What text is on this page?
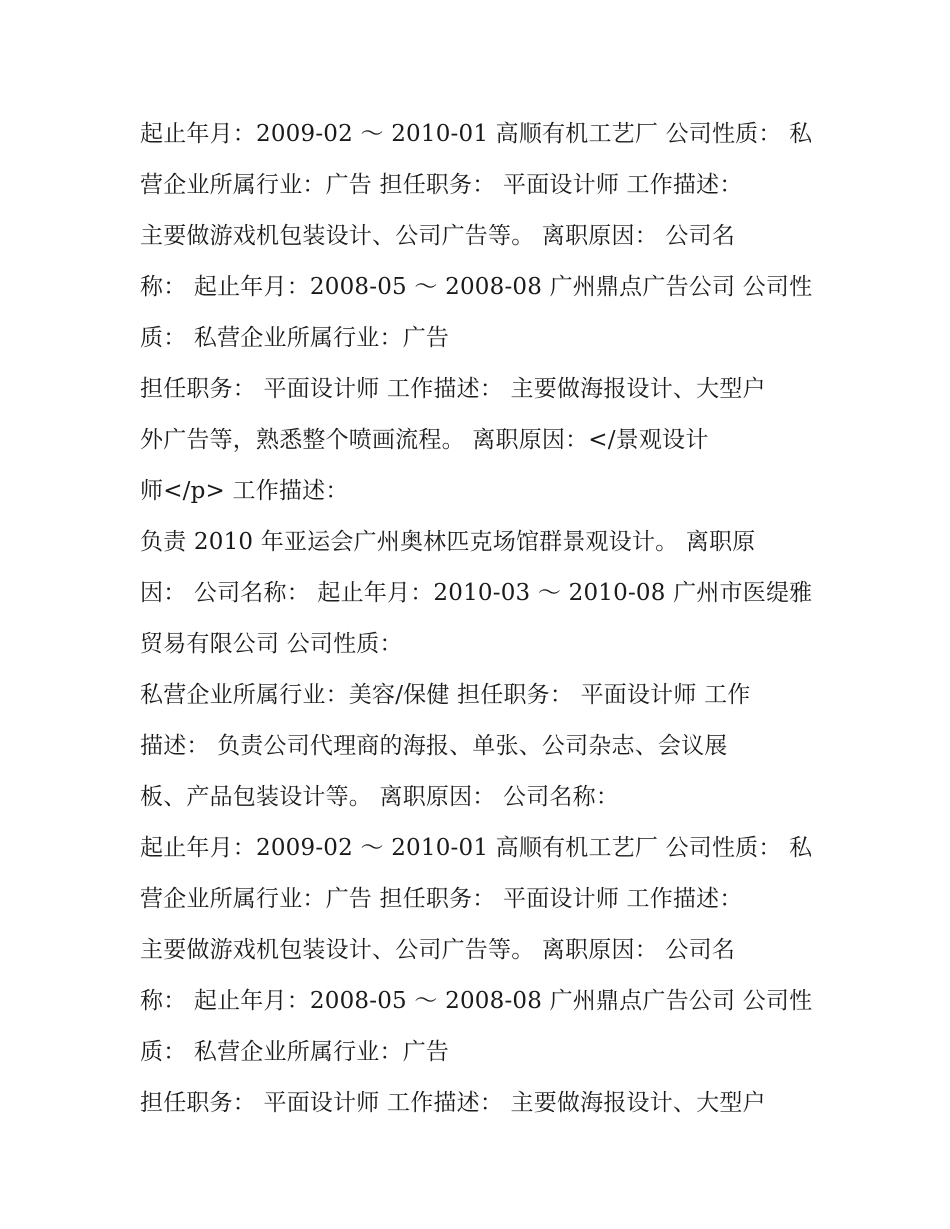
起止年月：2009-02 ～ 2010-01 高顺有机工艺厂 公司性质： 私
营企业所属行业：广告 担任职务： 平面设计师 工作描述：
主要做游戏机包装设计、公司广告等。 离职原因： 公司名
称： 起止年月：2008-05 ～ 2008-08 广州鼎点广告公司 公司性
质： 私营企业所属行业：广告
担任职务： 平面设计师 工作描述： 主要做海报设计、大型户
外广告等，熟悉整个喷画流程。 离职原因：</景观设计
师</p> 工作描述：
负责 2010 年亚运会广州奥林匹克场馆群景观设计。 离职原
因： 公司名称： 起止年月：2010-03 ～ 2010-08 广州市医缇雅
贸易有限公司 公司性质：
私营企业所属行业：美容/保健 担任职务： 平面设计师 工作
描述： 负责公司代理商的海报、单张、公司杂志、会议展
板、产品包装设计等。 离职原因： 公司名称：
起止年月：2009-02 ～ 2010-01 高顺有机工艺厂 公司性质： 私
营企业所属行业：广告 担任职务： 平面设计师 工作描述：
主要做游戏机包装设计、公司广告等。 离职原因： 公司名
称： 起止年月：2008-05 ～ 2008-08 广州鼎点广告公司 公司性
质： 私营企业所属行业：广告
担任职务： 平面设计师 工作描述： 主要做海报设计、大型户
